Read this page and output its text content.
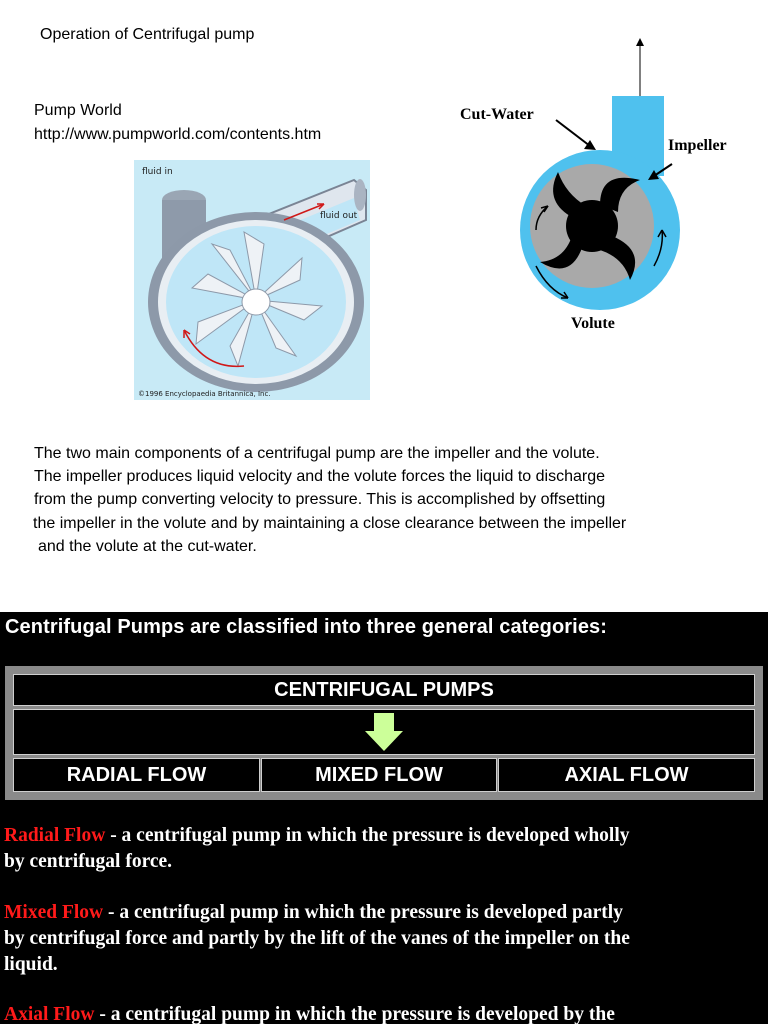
Operation of Centrifugal pump
Pump World
http://www.pumpworld.com/contents.htm
fluid in
fluid out
©1996 Encyclopaedia Britannica, Inc.
Cut-Water
Impeller
Volute

The two main components of a centrifugal pump are the impeller and the volute.
The impeller produces liquid velocity and the volute forces the liquid to discharge
from the pump converting velocity to pressure. This is accomplished by offsetting
the impeller in the volute and by maintaining a close clearance between the impeller
and the volute at the cut-water.

Centrifugal Pumps are classified into three general categories:
CENTRIFUGAL PUMPS
RADIAL FLOW	MIXED FLOW	AXIAL FLOW
Radial Flow - a centrifugal pump in which the pressure is developed wholly
by centrifugal force.
Mixed Flow - a centrifugal pump in which the pressure is developed partly
by centrifugal force and partly by the lift of the vanes of the impeller on the
liquid.
Axial Flow - a centrifugal pump in which the pressure is developed by the
